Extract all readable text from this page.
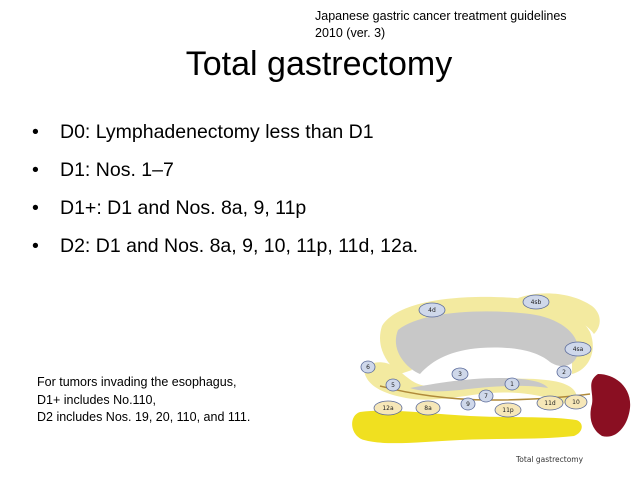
Japanese gastric cancer treatment guidelines
2010 (ver. 3)
Total gastrectomy
• D0: Lymphadenectomy less than D1
• D1: Nos. 1–7
• D1+: D1 and Nos. 8a, 9, 11p
• D2: D1 and Nos. 8a, 9, 10, 11p, 11d, 12a.
For tumors invading the esophagus,
D1+ includes No.110,
D2 includes Nos. 19, 20, 110, and 111.
4d
4sb
4sa
6
5
3
1
2
7
9
12a	8a	11p
11d	10
Total gastrectomy
